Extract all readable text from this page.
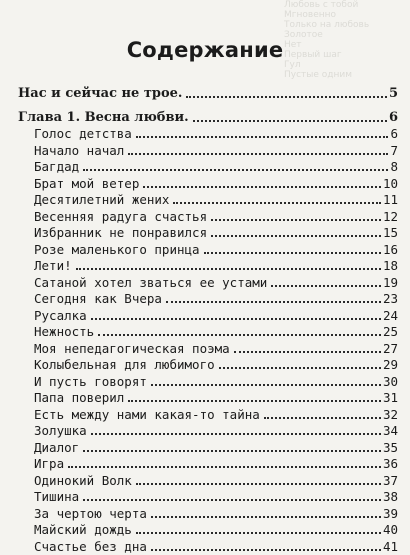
Любовь с тобой
Мгновенно
Только на любовь
Золотое
Нет
Первый шаг
Гул
Пустые одним
Содержание
Нас и сейчас не трое.	5
Глава 1. Весна любви.	6
Голос детства	6
Начало начал	7
Багдад	8
Брат мой ветер	10
Десятилетний жених	11
Весенняя радуга счастья	12
Избранник не понравился	15
Розе маленького принца	16
Лети!	18
Сатаной хотел зваться ее устами	19
Сегодня как Вчера	23
Русалка	24
Нежность	25
Моя непедагогическая поэма	27
Колыбельная для любимого	29
И пусть говорят	30
Папа поверил	31
Есть между нами какая-то тайна	32
Золушка	34
Диалог	35
Игра	36
Одинокий Волк	37
Тишина	38
За чертою черта	39
Майский дождь	40
Счастье без дна	41
